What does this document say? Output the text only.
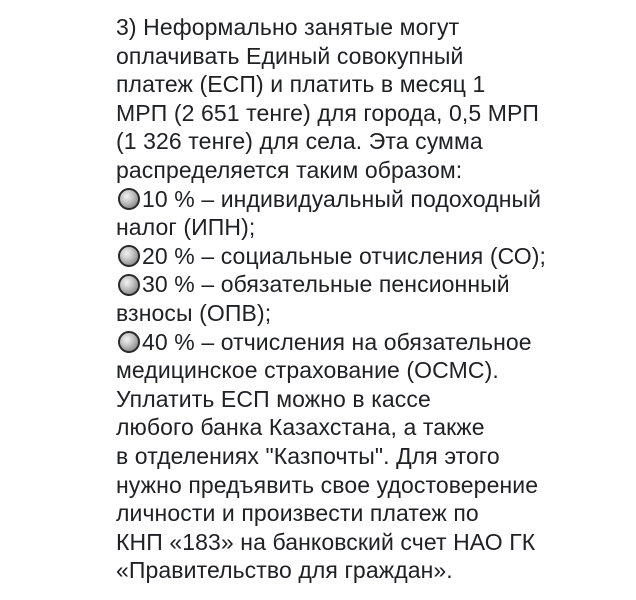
3) Неформально занятые могут
оплачивать Единый совокупный
платеж (ЕСП) и платить в месяц 1
МРП (2 651 тенге) для города, 0,5 МРП
(1 326 тенге) для села. Эта сумма
распределяется таким образом:
10 % – индивидуальный подоходный
налог (ИПН);
20 % – социальные отчисления (СО);
30 % – обязательные пенсионный
взносы (ОПВ);
40 % – отчисления на обязательное
медицинское страхование (ОСМС).
Уплатить ЕСП можно в кассе
любого банка Казахстана, а также
в отделениях "Казпочты". Для этого
нужно предъявить свое удостоверение
личности и произвести платеж по
КНП «183» на банковский счет НАО ГК
«Правительство для граждан».
